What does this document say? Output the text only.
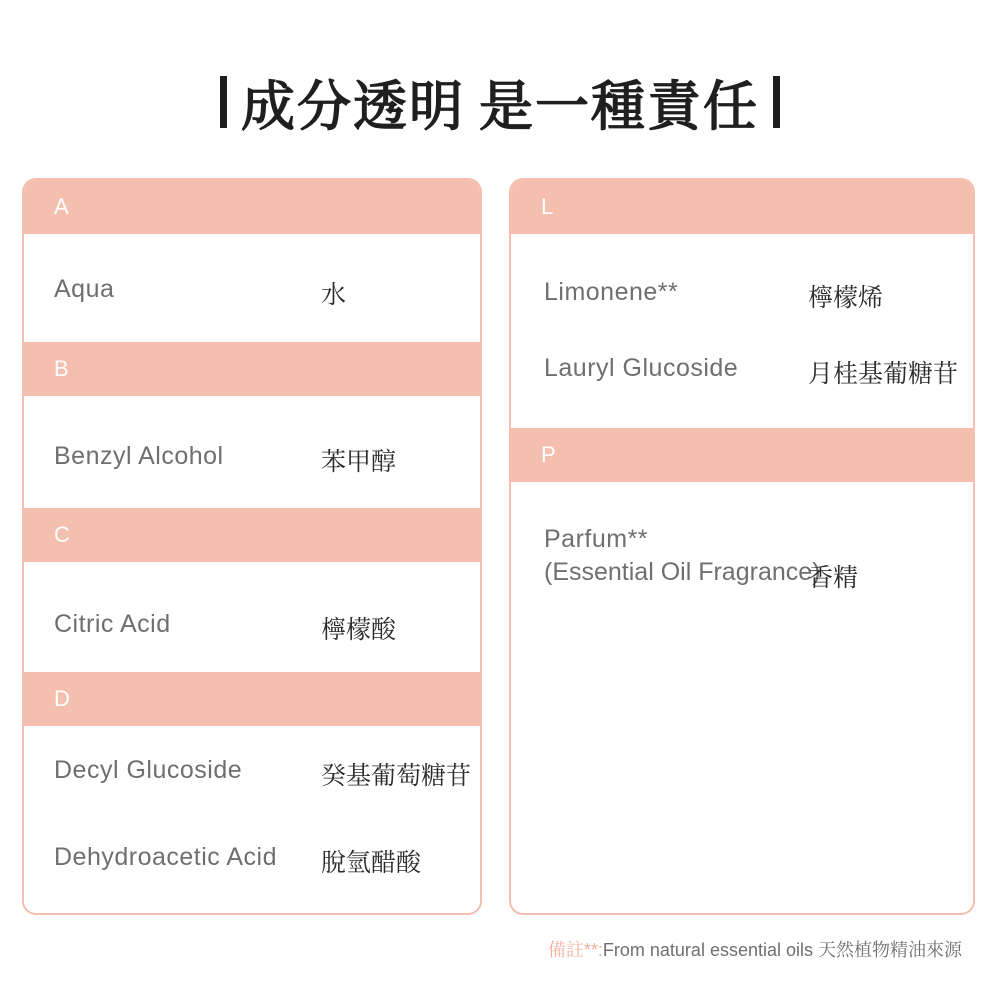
成分透明 是一種責任
A
Aqua	水
B
Benzyl Alcohol	苯甲醇
C
Citric Acid	檸檬酸
D
Decyl Glucoside	癸基葡萄糖苷
Dehydroacetic Acid 脫氫醋酸
L
Limonene**	檸檬烯
Lauryl Glucoside	月桂基葡糖苷
P
Parfum**
(Essential Oil Fragrance)
香精
備註**:From natural essential oils 天然植物精油來源
